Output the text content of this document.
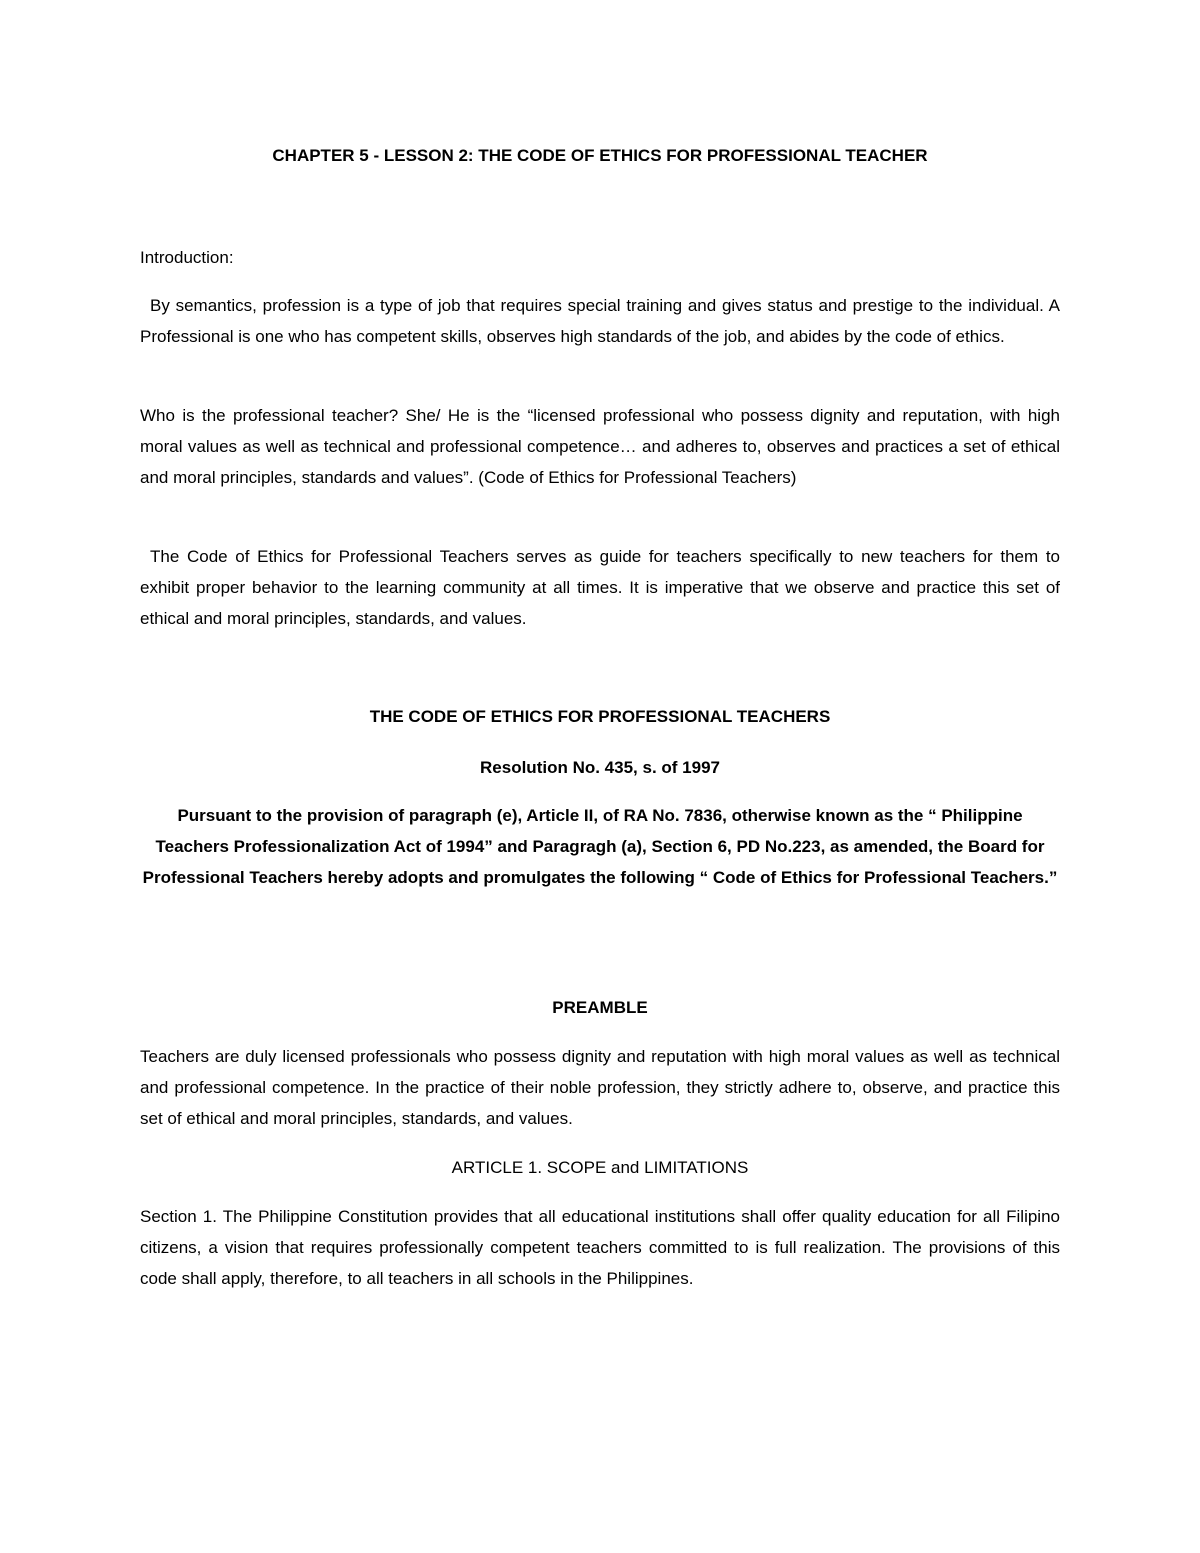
CHAPTER 5 - LESSON 2: THE CODE OF ETHICS FOR PROFESSIONAL TEACHER
Introduction:

By semantics, profession is a type of job that requires special training and gives status and prestige to the individual. A Professional is one who has competent skills, observes high standards of the job, and abides by the code of ethics.

Who is the professional teacher? She/ He is the “licensed professional who possess dignity and reputation, with high moral values as well as technical and professional competence… and adheres to, observes and practices a set of ethical and moral principles, standards and values”. (Code of Ethics for Professional Teachers)

The Code of Ethics for Professional Teachers serves as guide for teachers specifically to new teachers for them to exhibit proper behavior to the learning community at all times. It is imperative that we observe and practice this set of ethical and moral principles, standards, and values.

THE CODE OF ETHICS FOR PROFESSIONAL TEACHERS

Resolution No. 435, s. of 1997

Pursuant to the provision of paragraph (e), Article II, of RA No. 7836, otherwise known as the “ Philippine Teachers Professionalization Act of 1994” and Paragragh (a), Section 6, PD No.223, as amended, the Board for Professional Teachers hereby adopts and promulgates the following “ Code of Ethics for Professional Teachers.”

PREAMBLE

Teachers are duly licensed professionals who possess dignity and reputation with high moral values as well as technical and professional competence. In the practice of their noble profession, they strictly adhere to, observe, and practice this set of ethical and moral principles, standards, and values.

ARTICLE 1. SCOPE and LIMITATIONS

Section 1. The Philippine Constitution provides that all educational institutions shall offer quality education for all Filipino citizens, a vision that requires professionally competent teachers committed to is full realization. The provisions of this code shall apply, therefore, to all teachers in all schools in the Philippines.
